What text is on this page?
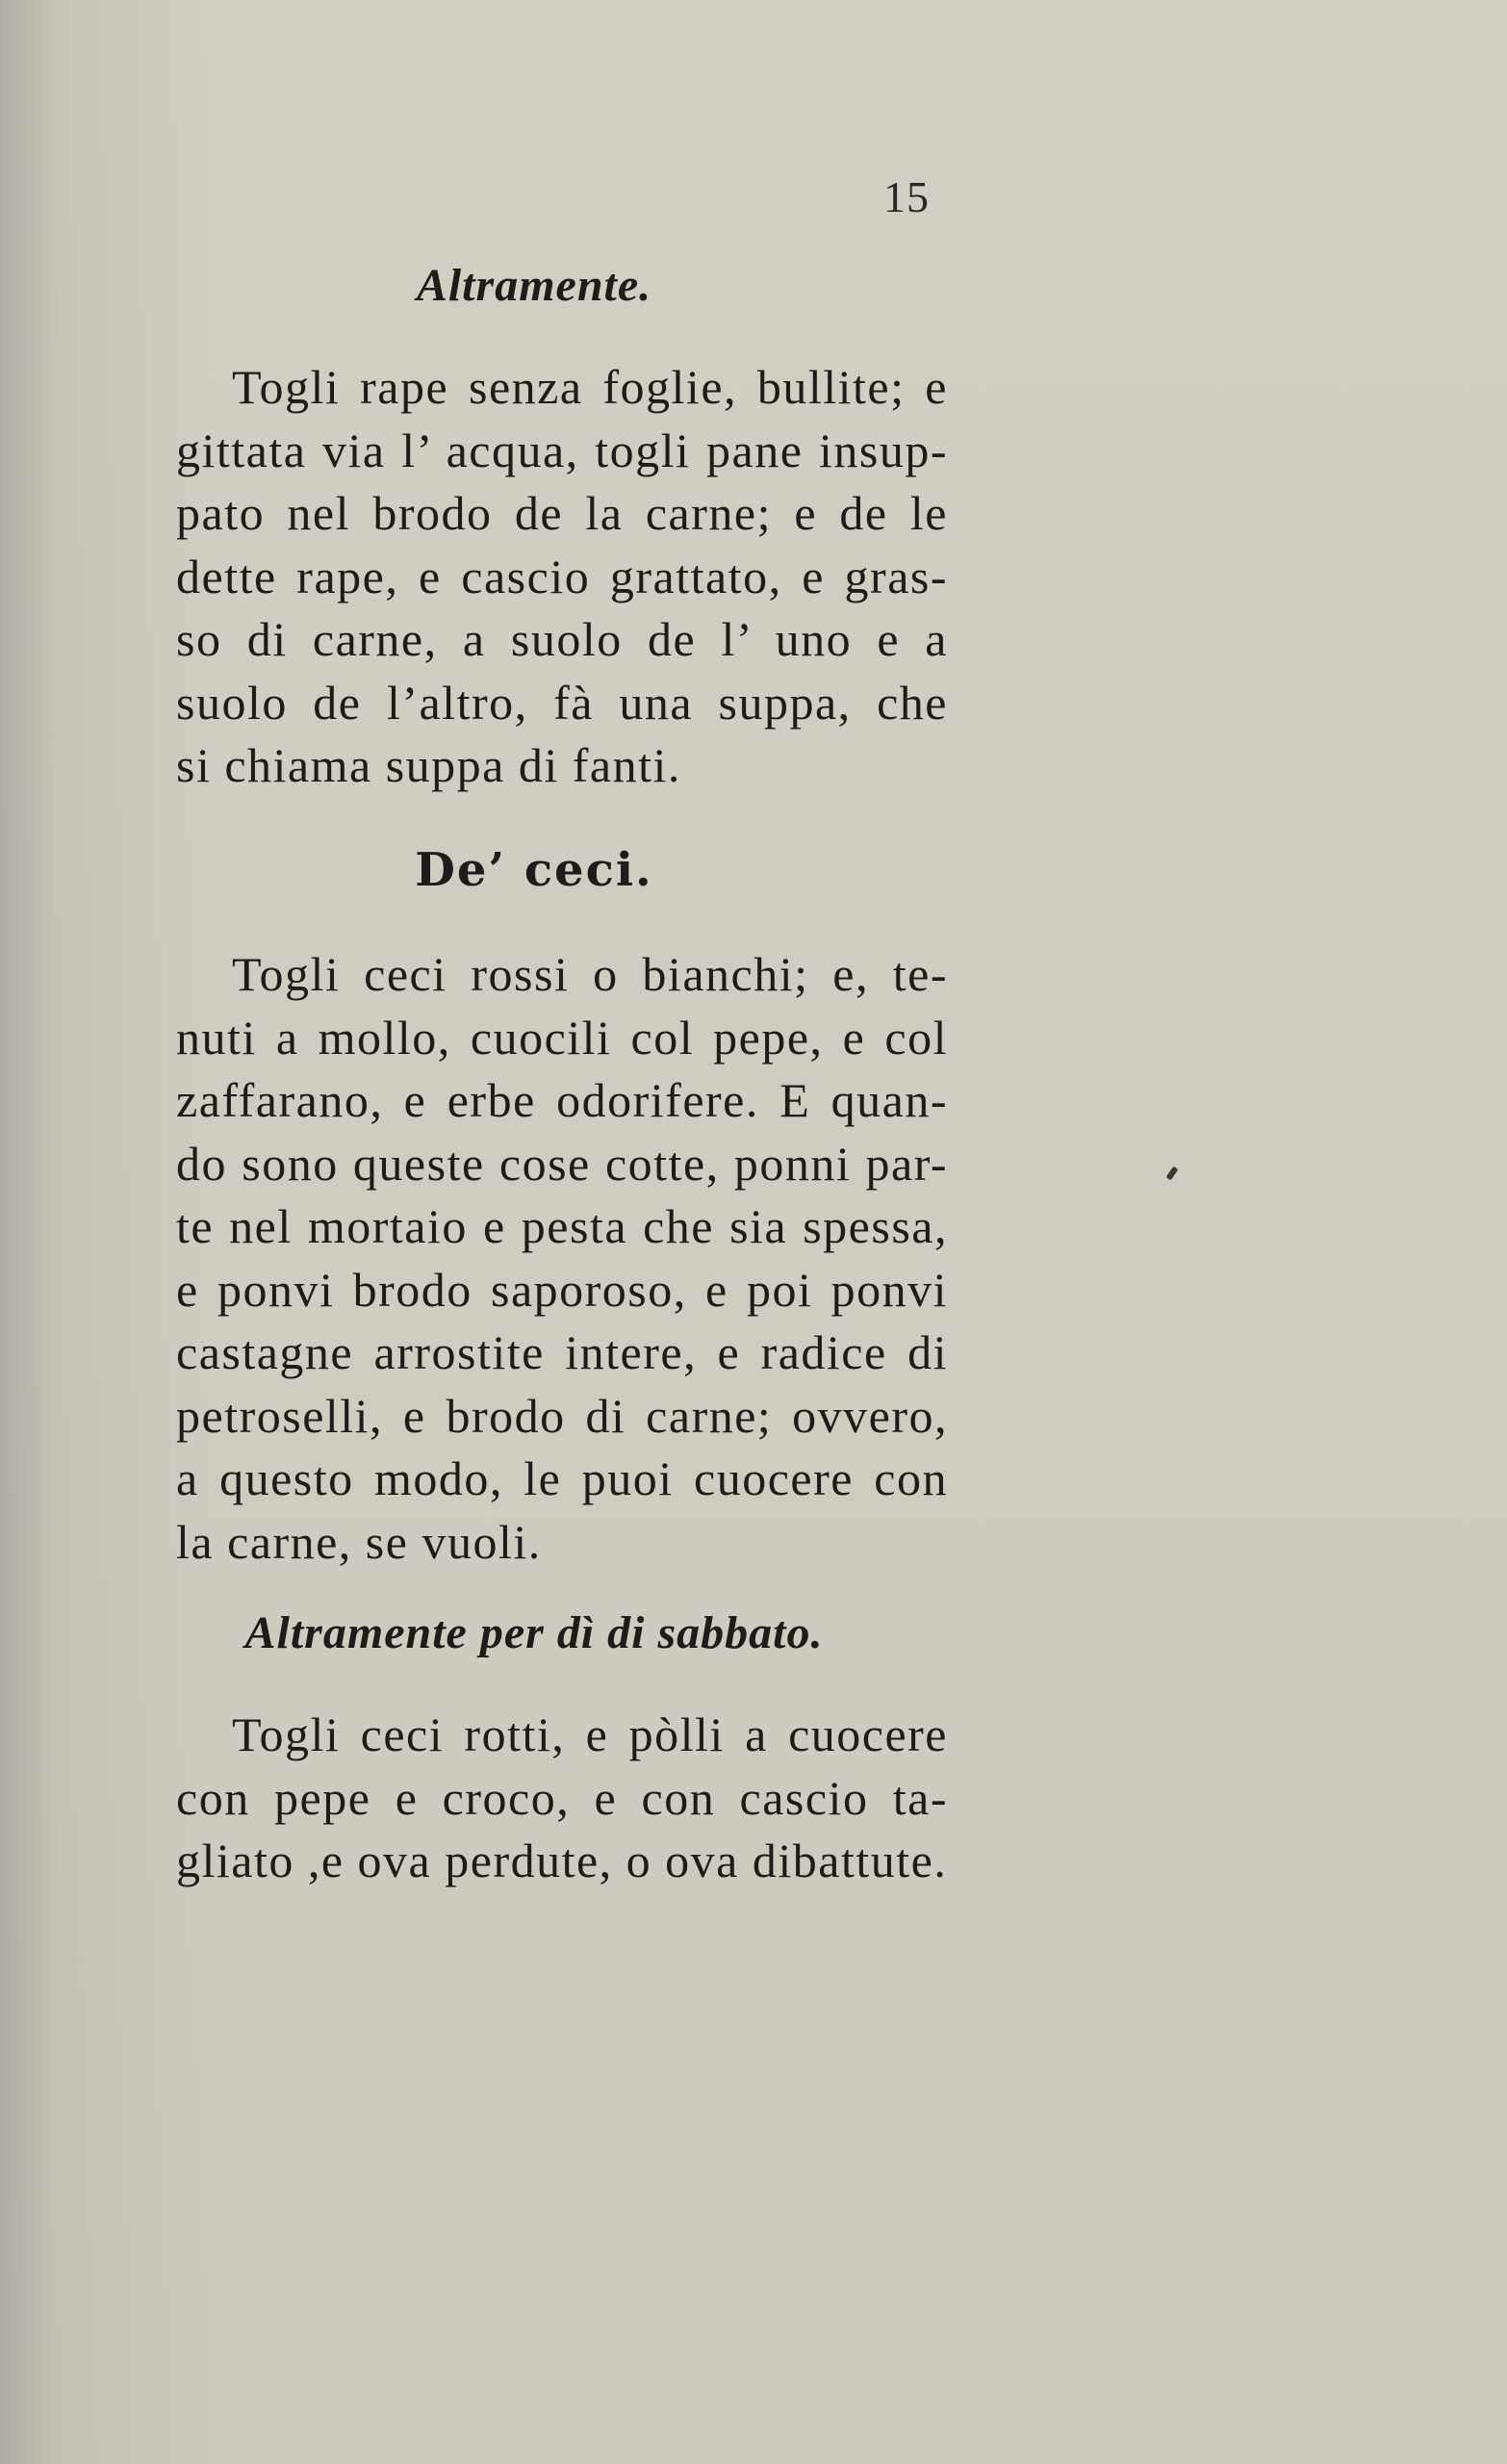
15
Altramente.
Togli rape senza foglie, bullite; e
gittata via l’ acqua, togli pane insup-
pato nel brodo de la carne; e de le
dette rape, e cascio grattato, e gras-
so di carne, a suolo de l’ uno e a
suolo de l’altro, fà una suppa, che
si chiama suppa di fanti.
De’ ceci.
Togli ceci rossi o bianchi; e, te-
nuti a mollo, cuocili col pepe, e col
zaffarano, e erbe odorifere. E quan-
do sono queste cose cotte, ponni par-
te nel mortaio e pesta che sia spessa,
e ponvi brodo saporoso, e poi ponvi
castagne arrostite intere, e radice di
petroselli, e brodo di carne; ovvero,
a questo modo, le puoi cuocere con
la carne, se vuoli.
Altramente per dì di sabbato.
Togli ceci rotti, e pòlli a cuocere
con pepe e croco, e con cascio ta-
gliato ,e ova perdute, o ova dibattute.
